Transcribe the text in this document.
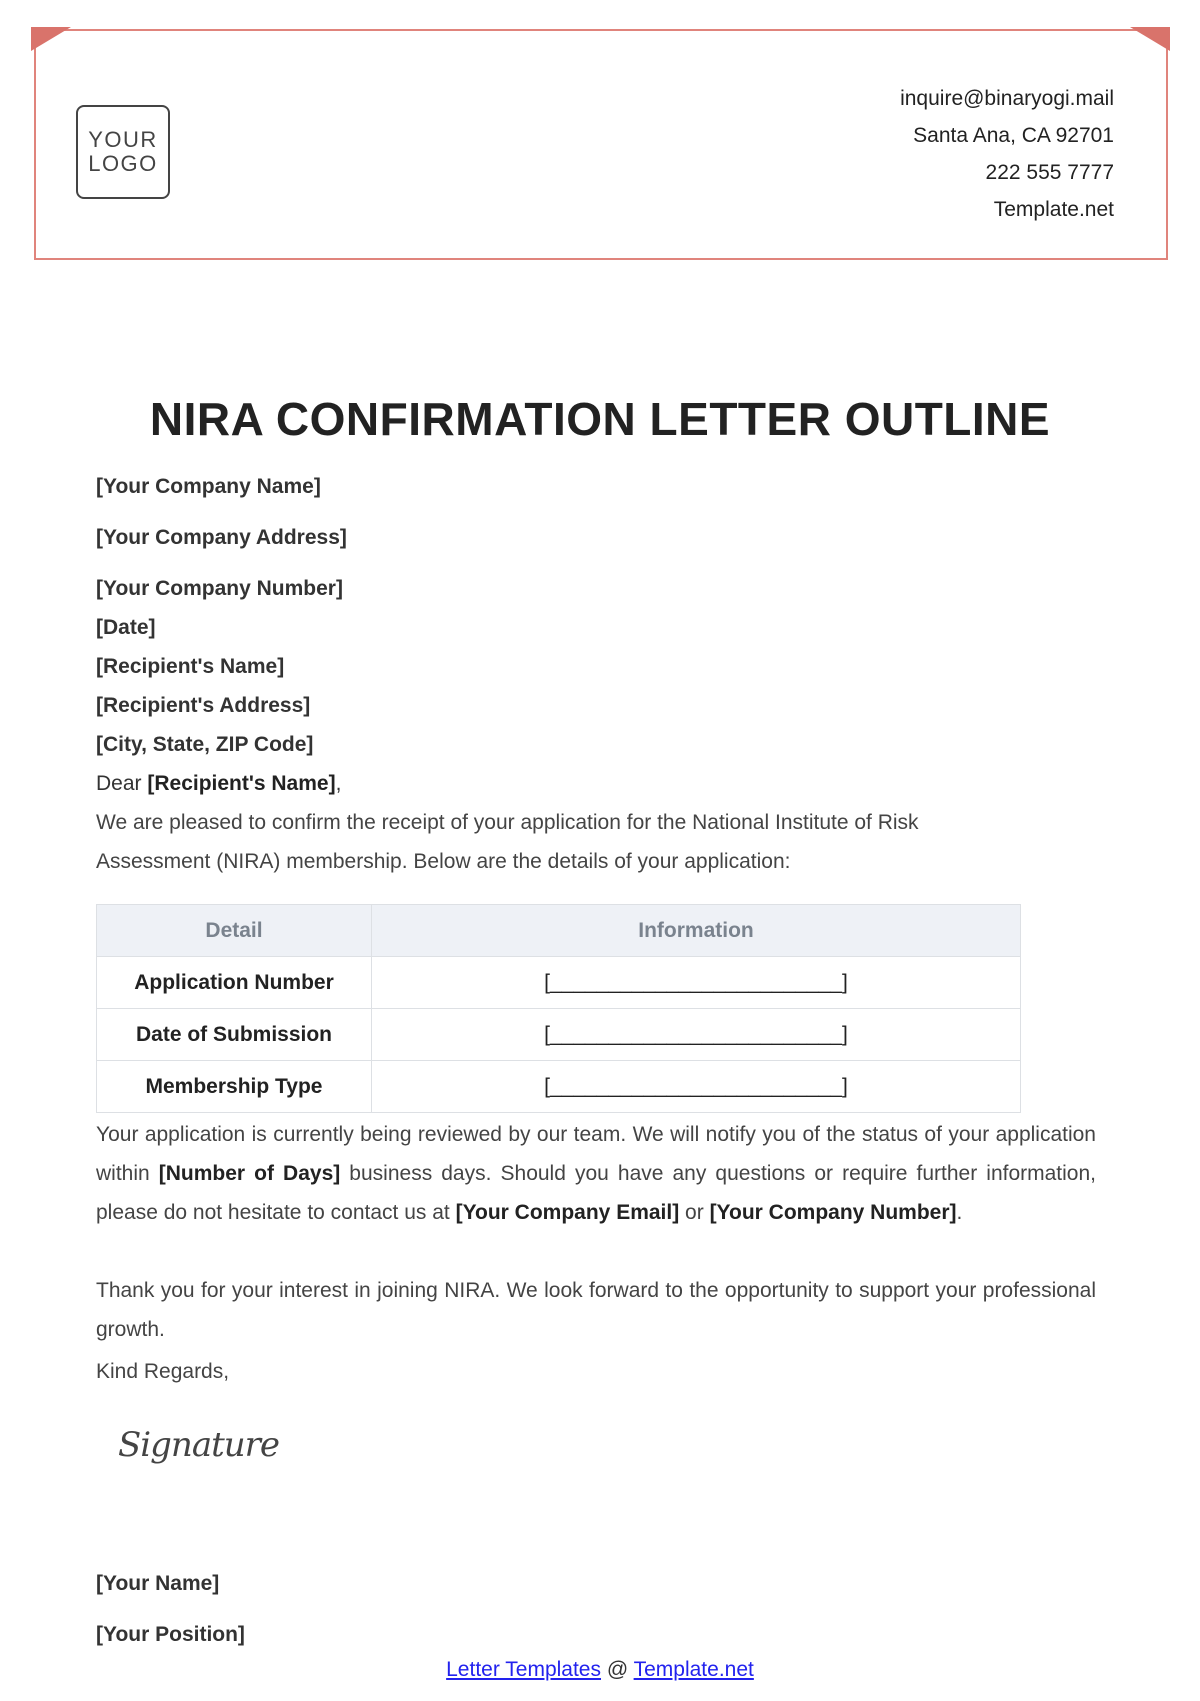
YOUR
LOGO
inquire@binaryogi.mail
Santa Ana, CA 92701
222 555 7777
Template.net
NIRA CONFIRMATION LETTER OUTLINE
[Your Company Name]
[Your Company Address]
[Your Company Number]
[Date]
[Recipient's Name]
[Recipient's Address]
[City, State, ZIP Code]
Dear [Recipient's Name],
We are pleased to confirm the receipt of your application for the National Institute of Risk Assessment (NIRA) membership. Below are the details of your application:
Detail	Information
Application Number	[_________________________]
Date of Submission	[_________________________]
Membership Type	[_________________________]
Your application is currently being reviewed by our team. We will notify you of the status of your application within [Number of Days] business days. Should you have any questions or require further information, please do not hesitate to contact us at [Your Company Email] or [Your Company Number].
Thank you for your interest in joining NIRA. We look forward to the opportunity to support your professional growth.
Kind Regards,
Signature
[Your Name]
[Your Position]
Letter Templates @ Template.net
